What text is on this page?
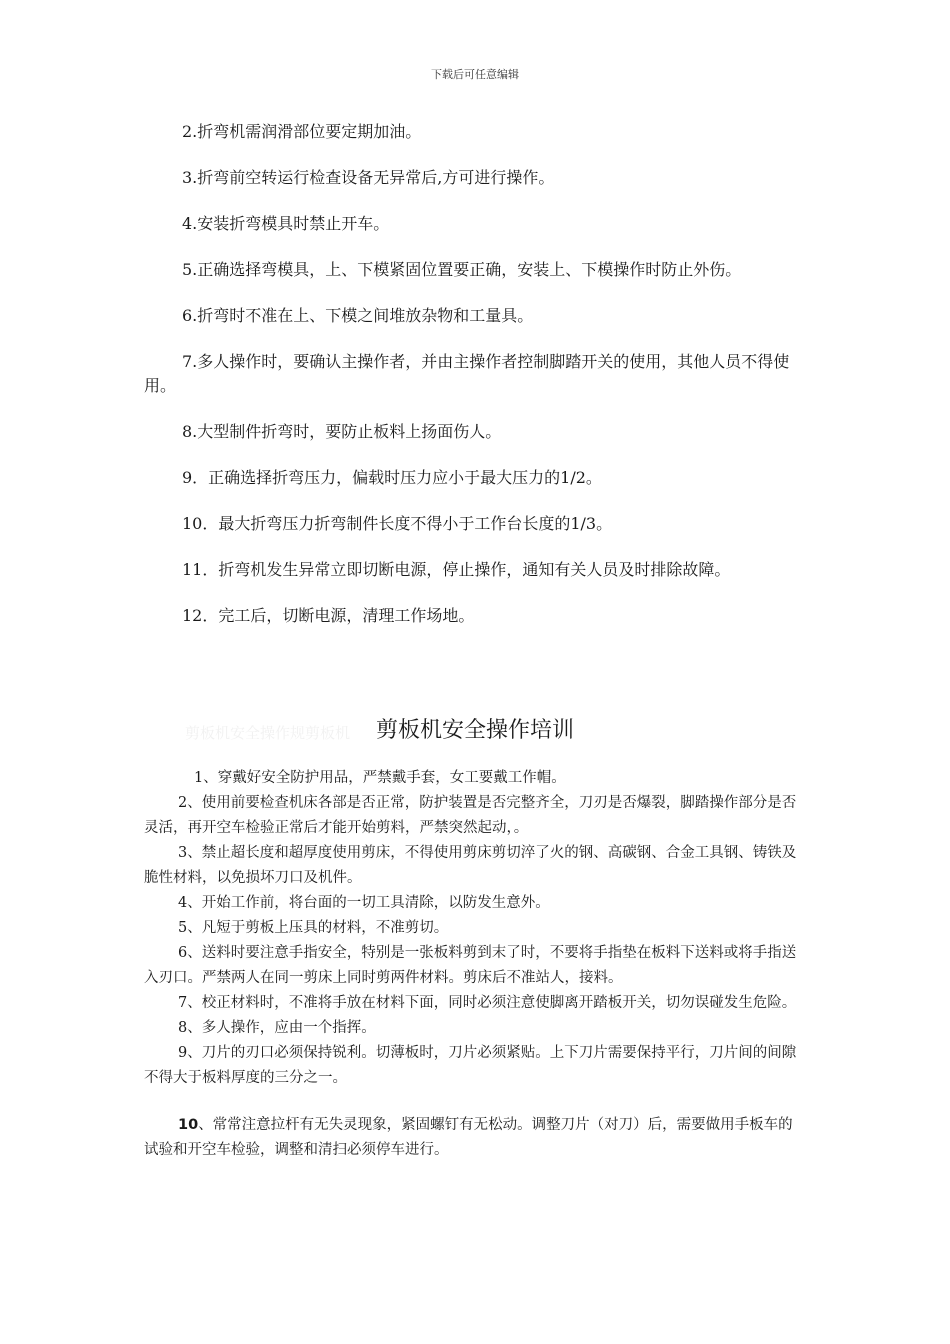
下载后可任意编辑

2.折弯机需润滑部位要定期加油。

3.折弯前空转运行检查设备无异常后,方可进行操作。

4.安装折弯模具时禁止开车。

5.正确选择弯模具，上、下模紧固位置要正确，安装上、下模操作时防止外伤。

6.折弯时不准在上、下模之间堆放杂物和工量具。

7.多人操作时，要确认主操作者，并由主操作者控制脚踏开关的使用，其他人员不得使用。

8.大型制件折弯时，要防止板料上扬面伤人。

9．正确选择折弯压力，偏载时压力应小于最大压力的1/2。

10．最大折弯压力折弯制件长度不得小于工作台长度的1/3。

11．折弯机发生异常立即切断电源，停止操作，通知有关人员及时排除故障。

12．完工后，切断电源，清理工作场地。

剪板机安全操作规剪板机	剪板机安全操作培训

1、穿戴好安全防护用品，严禁戴手套，女工要戴工作帽。

2、使用前要检查机床各部是否正常，防护装置是否完整齐全，刀刃是否爆裂，脚踏操作部分是否灵活，再开空车检验正常后才能开始剪料，严禁突然起动，。

3、禁止超长度和超厚度使用剪床，不得使用剪床剪切淬了火的钢、高碳钢、合金工具钢、铸铁及脆性材料，以免损坏刀口及机件。

4、开始工作前，将台面的一切工具清除，以防发生意外。

5、凡短于剪板上压具的材料，不准剪切。

6、送料时要注意手指安全，特别是一张板料剪到末了时，不要将手指垫在板料下送料或将手指送入刃口。严禁两人在同一剪床上同时剪两件材料。剪床后不准站人，接料。

7、校正材料时，不准将手放在材料下面，同时必须注意使脚离开踏板开关，切勿误碰发生危险。

8、多人操作，应由一个指挥。

9、刀片的刃口必须保持锐利。切薄板时，刀片必须紧贴。上下刀片需要保持平行，刀片间的间隙不得大于板料厚度的三分之一。

10、常常注意拉杆有无失灵现象，紧固螺钉有无松动。调整刀片（对刀）后，需要做用手板车的试验和开空车检验，调整和清扫必须停车进行。
